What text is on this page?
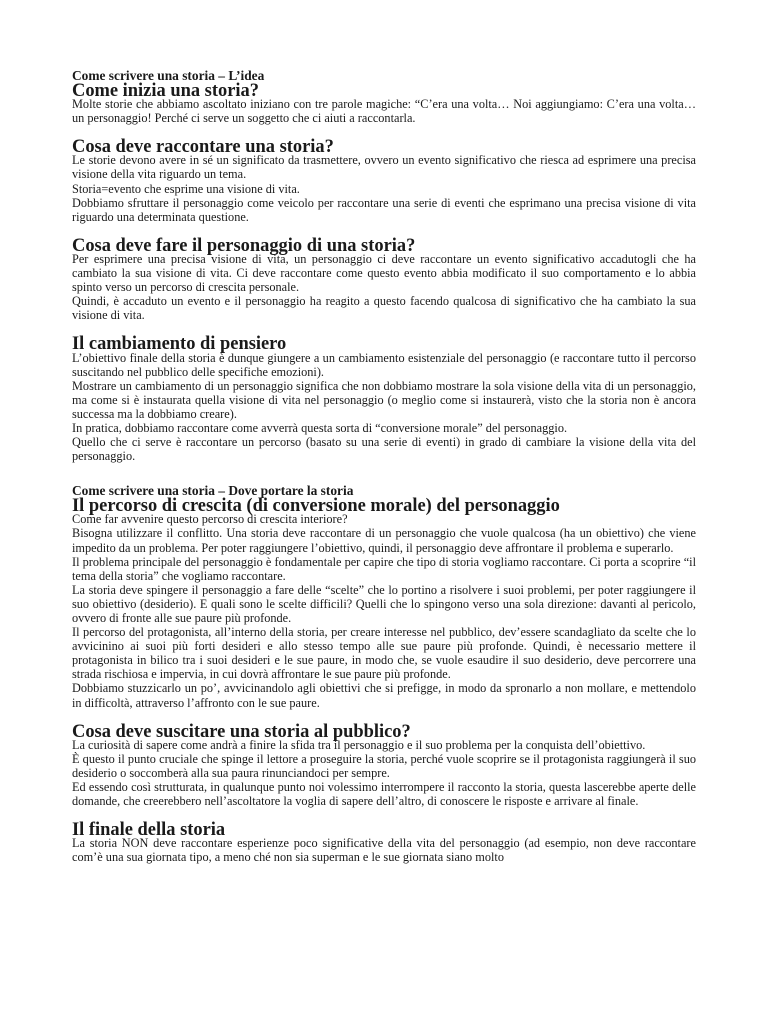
Come scrivere una storia – L’idea
Come inizia una storia?

Molte storie che abbiamo ascoltato iniziano con tre parole magiche: “C’era una volta… Noi aggiungiamo: C’era una volta… un personaggio! Perché ci serve un soggetto che ci aiuti a raccontarla.

Cosa deve raccontare una storia?

Le storie devono avere in sé un significato da trasmettere, ovvero un evento significativo che riesca ad esprimere una precisa visione della vita riguardo un tema.

Storia=evento che esprime una visione di vita.

Dobbiamo sfruttare il personaggio come veicolo per raccontare una serie di eventi che esprimano una precisa visione di vita riguardo una determinata questione.

Cosa deve fare il personaggio di una storia?

Per esprimere una precisa visione di vita, un personaggio ci deve raccontare un evento significativo accadutogli che ha cambiato la sua visione di vita. Ci deve raccontare come questo evento abbia modificato il suo comportamento e lo abbia spinto verso un percorso di crescita personale.

Quindi, è accaduto un evento e il personaggio ha reagito a questo facendo qualcosa di significativo che ha cambiato la sua visione di vita.

Il cambiamento di pensiero

L’obiettivo finale della storia è dunque giungere a un cambiamento esistenziale del personaggio (e raccontare tutto il percorso suscitando nel pubblico delle specifiche emozioni).

Mostrare un cambiamento di un personaggio significa che non dobbiamo mostrare la sola visione della vita di un personaggio, ma come si è instaurata quella visione di vita nel personaggio (o meglio come si instaurerà, visto che la storia non è ancora successa ma la dobbiamo creare).

In pratica, dobbiamo raccontare come avverrà questa sorta di “conversione morale” del personaggio.

Quello che ci serve è raccontare un percorso (basato su una serie di eventi) in grado di cambiare la visione della vita del personaggio.

Come scrivere una storia – Dove portare la storia
Il percorso di crescita (di conversione morale) del personaggio

Come far avvenire questo percorso di crescita interiore?

Bisogna utilizzare il conflitto. Una storia deve raccontare di un personaggio che vuole qualcosa (ha un obiettivo) che viene impedito da un problema. Per poter raggiungere l’obiettivo, quindi, il personaggio deve affrontare il problema e superarlo.

Il problema principale del personaggio è fondamentale per capire che tipo di storia vogliamo raccontare. Ci porta a scoprire “il tema della storia” che vogliamo raccontare.

La storia deve spingere il personaggio a fare delle “scelte” che lo portino a risolvere i suoi problemi, per poter raggiungere il suo obiettivo (desiderio). E quali sono le scelte difficili? Quelli che lo spingono verso una sola direzione: davanti al pericolo, ovvero di fronte alle sue paure più profonde.

Il percorso del protagonista, all’interno della storia, per creare interesse nel pubblico, dev’essere scandagliato da scelte che lo avvicinino ai suoi più forti desideri e allo stesso tempo alle sue paure più profonde. Quindi, è necessario mettere il protagonista in bilico tra i suoi desideri e le sue paure, in modo che, se vuole esaudire il suo desiderio, deve percorrere una strada rischiosa e impervia, in cui dovrà affrontare le sue paure più profonde.

Dobbiamo stuzzicarlo un po’, avvicinandolo agli obiettivi che si prefigge, in modo da spronarlo a non mollare, e mettendolo in difficoltà, attraverso l’affronto con le sue paure.

Cosa deve suscitare una storia al pubblico?

La curiosità di sapere come andrà a finire la sfida tra il personaggio e il suo problema per la conquista dell’obiettivo.

È questo il punto cruciale che spinge il lettore a proseguire la storia, perché vuole scoprire se il protagonista raggiungerà il suo desiderio o soccomberà alla sua paura rinunciandoci per sempre.

Ed essendo così strutturata, in qualunque punto noi volessimo interrompere il racconto la storia, questa lascerebbe aperte delle domande, che creerebbero nell’ascoltatore la voglia di sapere dell’altro, di conoscere le risposte e arrivare al finale.

Il finale della storia

La storia NON deve raccontare esperienze poco significative della vita del personaggio (ad esempio, non deve raccontare com’è una sua giornata tipo, a meno ché non sia superman e le sue giornata siano molto
